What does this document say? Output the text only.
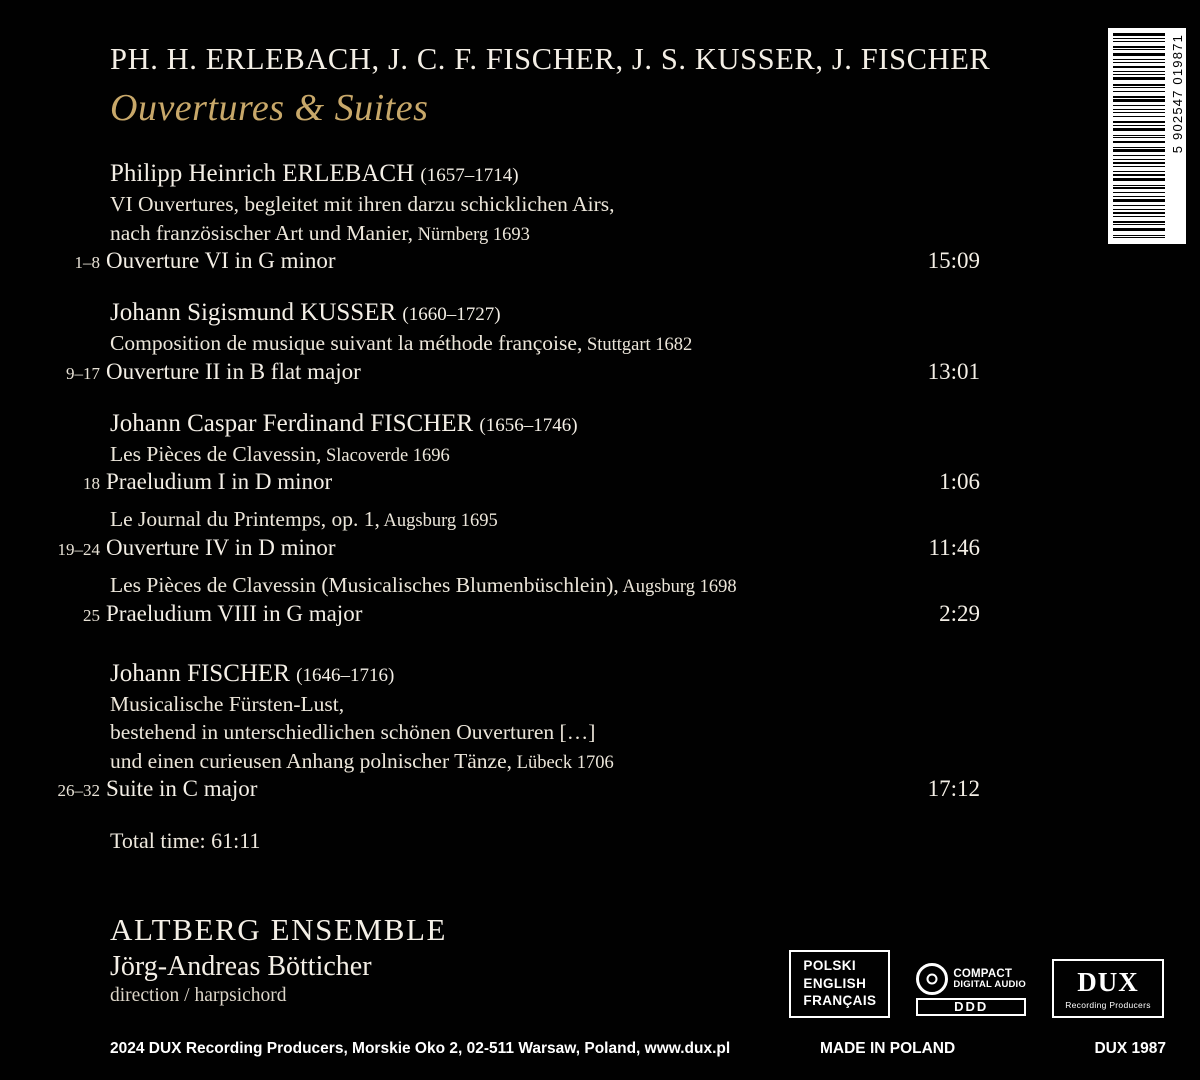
5 902547 019871
PH. H. ERLEBACH, J. C. F. FISCHER, J. S. KUSSER, J. FISCHER
Ouvertures & Suites
Philipp Heinrich ERLEBACH (1657–1714)
VI Ouvertures, begleitet mit ihren darzu schicklichen Airs,
nach französischer Art und Manier, Nürnberg 1693
1–8 Ouverture VI in G minor	15:09
Johann Sigismund KUSSER (1660–1727)
Composition de musique suivant la méthode françoise, Stuttgart 1682
9–17 Ouverture II in B flat major	13:01
Johann Caspar Ferdinand FISCHER (1656–1746)
Les Pièces de Clavessin, Slacoverde 1696
18 Praeludium I in D minor	1:06
Le Journal du Printemps, op. 1, Augsburg 1695
19–24 Ouverture IV in D minor	11:46
Les Pièces de Clavessin (Musicalisches Blumenbüschlein), Augsburg 1698
25 Praeludium VIII in G major	2:29
Johann FISCHER (1646–1716)
Musicalische Fürsten-Lust,
bestehend in unterschiedlichen schönen Ouverturen […]
und einen curieusen Anhang polnischer Tänze, Lübeck 1706
26–32 Suite in C major	17:12
Total time: 61:11
ALTBERG ENSEMBLE
Jörg-Andreas Bötticher
direction / harpsichord
POLSKI
ENGLISH
FRANÇAIS
COMPACT
DIGITAL AUDIO
DDD
DUX
Recording Producers
2024 DUX Recording Producers, Morskie Oko 2, 02-511 Warsaw, Poland, www.dux.pl	MADE IN POLAND	DUX 1987
